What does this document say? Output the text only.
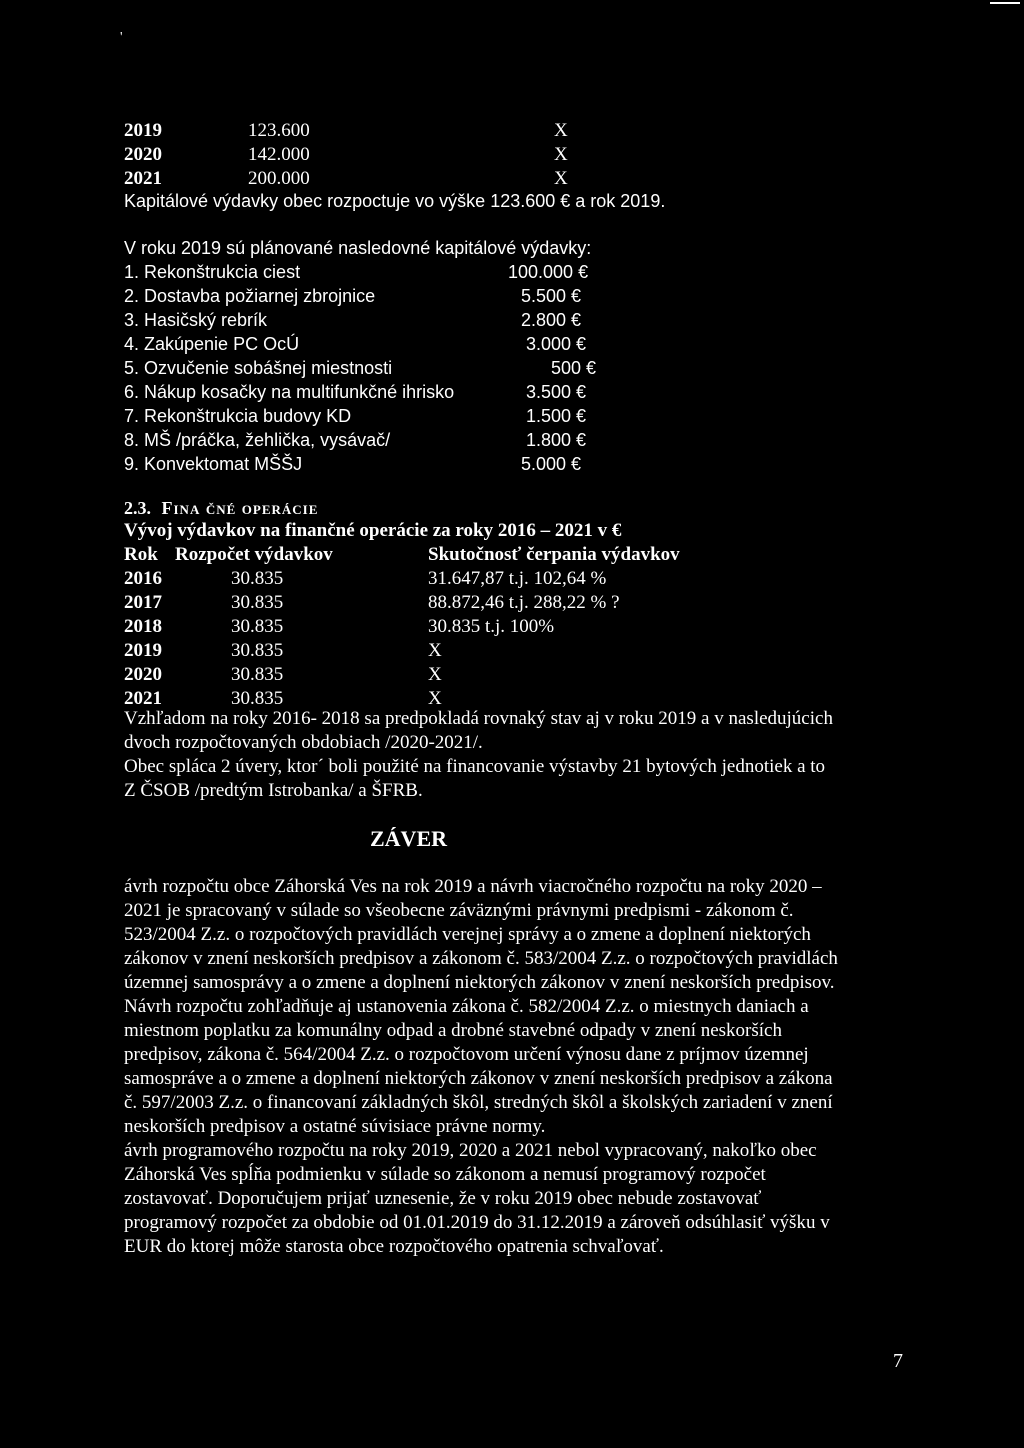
'
2019	123.600	X
2020	142.000	X
2021	200.000	X
Kapitálové výdavky obec rozpoctuje vo výške 123.600 € a rok 2019.
V roku 2019 sú plánované nasledovné kapitálové výdavky:
1. Rekonštrukcia ciest	100.000 €
2. Dostavba požiarnej zbrojnice	5.500 €
3. Hasičský rebrík	2.800 €
4. Zakúpenie PC OcÚ	3.000 €
5. Ozvučenie sobášnej miestnosti	500 €
6. Nákup kosačky na multifunkčné ihrisko	3.500 €
7. Rekonštrukcia budovy KD	1.500 €
8. MŠ /práčka, žehlička, vysávač/	1.800 €
9. Konvektomat MŠŠJ	5.000 €
2.3. Fina čné operácie
Vývoj výdavkov na finančné operácie za roky 2016 – 2021 v €
Rok Rozpočet výdavkov	Skutočnosť čerpania výdavkov
2016	30.835	31.647,87 t.j. 102,64 %
2017	30.835	88.872,46 t.j. 288,22 % ?
2018	30.835	30.835 t.j. 100%
2019	30.835	X
2020	30.835	X
2021	30.835	X
Vzhľadom na roky 2016- 2018 sa predpokladá rovnaký stav aj v roku 2019 a v nasledujúcich
dvoch rozpočtovaných obdobiach /2020-2021/.
Obec spláca 2 úvery, ktor´ boli použité na financovanie výstavby 21 bytových jednotiek a to
Z ČSOB /predtým Istrobanka/ a ŠFRB.
ZÁVER
ávrh rozpočtu obce Záhorská Ves na rok 2019 a návrh viacročného rozpočtu na roky 2020 –
2021 je spracovaný v súlade so všeobecne záväznými právnymi predpismi - zákonom č.
523/2004 Z.z. o rozpočtových pravidlách verejnej správy a o zmene a doplnení niektorých
zákonov v znení neskorších predpisov a zákonom č. 583/2004 Z.z. o rozpočtových pravidlách
územnej samosprávy a o zmene a doplnení niektorých zákonov v znení neskorších predpisov.
Návrh rozpočtu zohľadňuje aj ustanovenia zákona č. 582/2004 Z.z. o miestnych daniach a
miestnom poplatku za komunálny odpad a drobné stavebné odpady v znení neskorších
predpisov, zákona č. 564/2004 Z.z. o rozpočtovom určení výnosu dane z príjmov územnej
samospráve a o zmene a doplnení niektorých zákonov v znení neskorších predpisov a zákona
č. 597/2003 Z.z. o financovaní základných škôl, stredných škôl a školských zariadení v znení
neskorších predpisov a ostatné súvisiace právne normy.
ávrh programového rozpočtu na roky 2019, 2020 a 2021 nebol vypracovaný, nakoľko obec
Záhorská Ves spĺňa podmienku v súlade so zákonom a nemusí programový rozpočet
zostavovať. Doporučujem prijať uznesenie, že v roku 2019 obec nebude zostavovať
programový rozpočet za obdobie od 01.01.2019 do 31.12.2019 a zároveň odsúhlasiť výšku v
EUR do ktorej môže starosta obce rozpočtového opatrenia schvaľovať.
7
